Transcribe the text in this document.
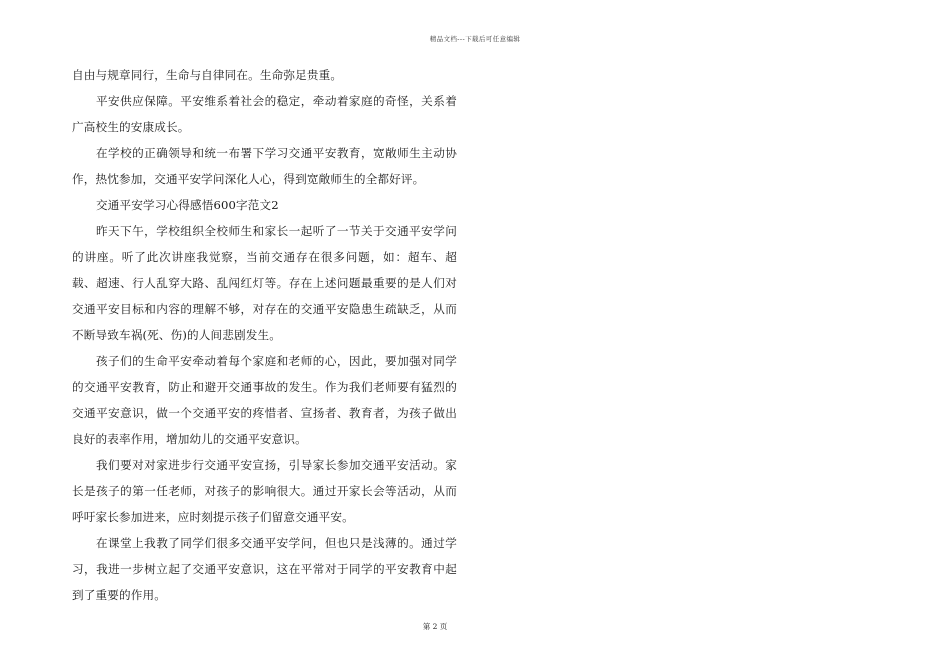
精品文档---下载后可任意编辑

自由与规章同行，生命与自律同在。生命弥足贵重。

平安供应保障。平安维系着社会的稳定，牵动着家庭的奇怪，关系着广高校生的安康成长。

在学校的正确领导和统一布署下学习交通平安教育，宽敞师生主动协作，热忱参加，交通平安学问深化人心，得到宽敞师生的全都好评。

交通平安学习心得感悟600字范文2

昨天下午，学校组织全校师生和家长一起听了一节关于交通平安学问的讲座。听了此次讲座我觉察，当前交通存在很多问题，如：超车、超载、超速、行人乱穿大路、乱闯红灯等。存在上述问题最重要的是人们对交通平安目标和内容的理解不够，对存在的交通平安隐患生疏缺乏，从而不断导致车祸(死、伤)的人间悲剧发生。

孩子们的生命平安牵动着每个家庭和老师的心，因此，要加强对同学的交通平安教育，防止和避开交通事故的发生。作为我们老师要有猛烈的交通平安意识，做一个交通平安的疼惜者、宣扬者、教育者，为孩子做出良好的表率作用，增加幼儿的交通平安意识。

我们要对对家进步行交通平安宣扬，引导家长参加交通平安活动。家长是孩子的第一任老师，对孩子的影响很大。通过开家长会等活动，从而呼吁家长参加进来，应时刻提示孩子们留意交通平安。

在课堂上我教了同学们很多交通平安学问，但也只是浅薄的。通过学习，我进一步树立起了交通平安意识，这在平常对于同学的平安教育中起到了重要的作用。

第 2 页
